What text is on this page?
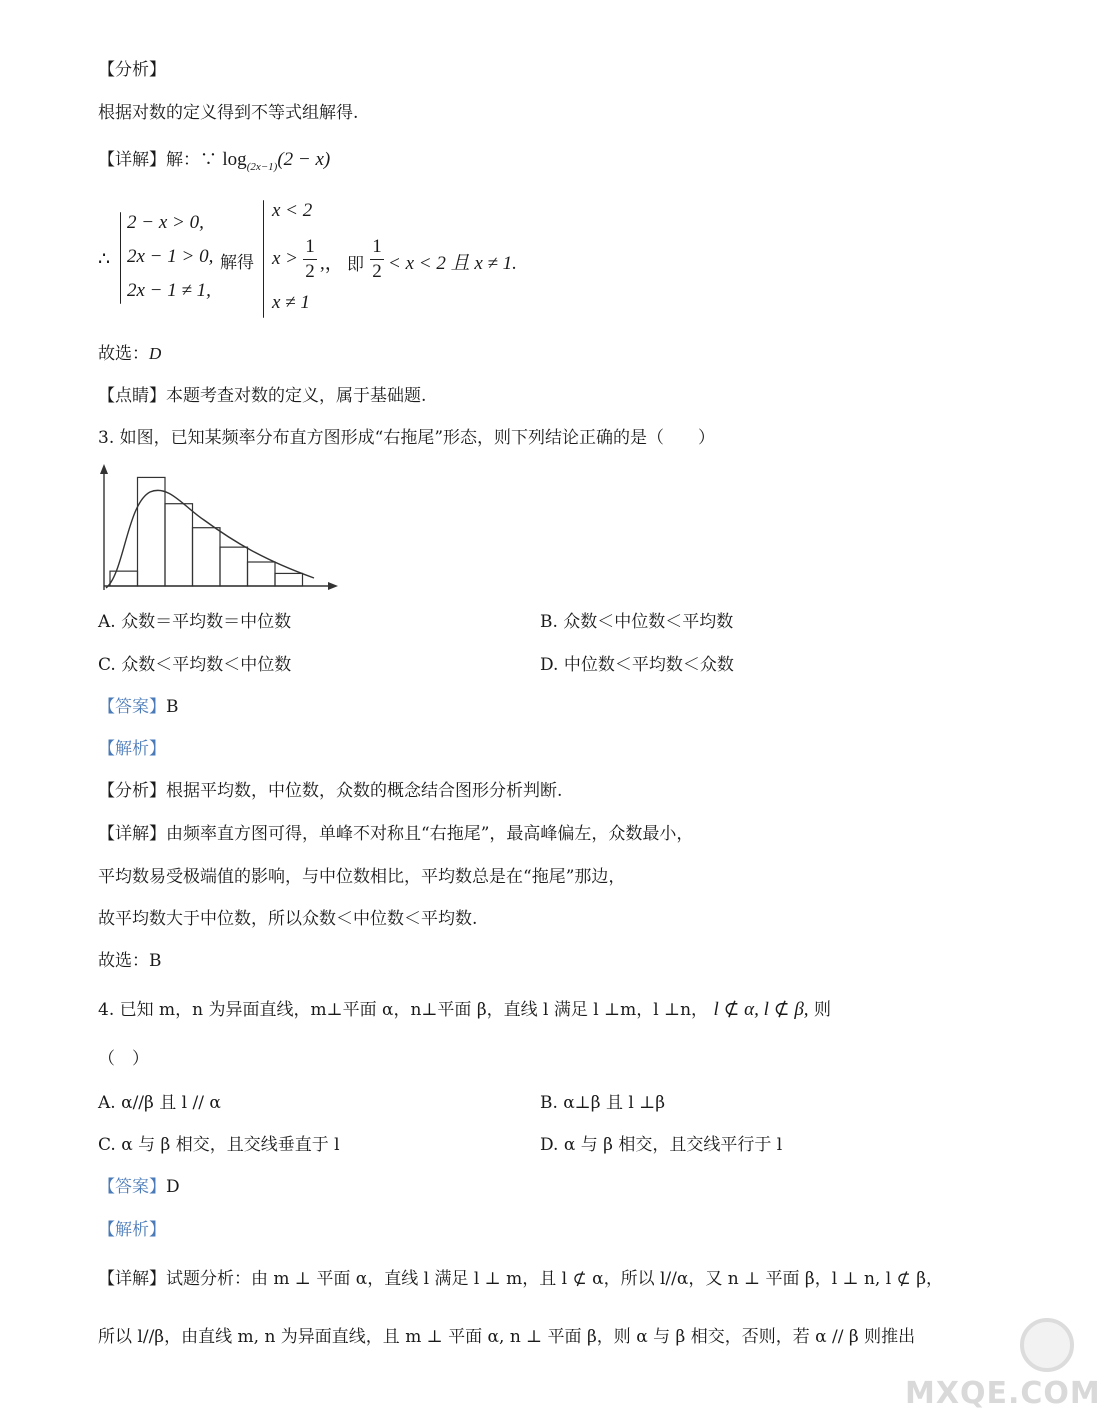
【分析】
根据对数的定义得到不等式组解得.
【详解】解：∵ $\log_{(2x-1)}(2 - x)$
∴
2 − x > 0,
2x − 1 > 0,
2x − 1 ≠ 1,
解得
x < 2
x >
1
2 ,，
x ≠ 1
即
1
2 < x < 2 且 x ≠ 1.
故选：D
【点睛】本题考查对数的定义，属于基础题.
3. 如图，已知某频率分布直方图形成“右拖尾”形态，则下列结论正确的是（　　）
A. 众数＝平均数＝中位数	B. 众数＜中位数＜平均数
C. 众数＜平均数＜中位数	D. 中位数＜平均数＜众数
【答案】B
【解析】
【分析】根据平均数，中位数，众数的概念结合图形分析判断.
【详解】由频率直方图可得，单峰不对称且“右拖尾”，最高峰偏左，众数最小，
平均数易受极端值的影响，与中位数相比，平均数总是在“拖尾”那边，
故平均数大于中位数，所以众数＜中位数＜平均数.
故选：B
4. 已知 m，n 为异面直线，m⊥平面 α，n⊥平面 β，直线 l 满足 l ⊥m，l ⊥n， l ⊄ α, l ⊄ β, 则
（　）
A. α//β 且 l // α	B. α⊥β 且 l ⊥β
C. α 与 β 相交，且交线垂直于 l	D. α 与 β 相交，且交线平行于 l
【答案】D
【解析】
【详解】试题分析：由 m ⊥ 平面 α，直线 l 满足 l ⊥ m，且 l ⊄ α，所以 l//α，又 n ⊥ 平面 β，l ⊥ n, l ⊄ β，
所以 l//β，由直线 m, n 为异面直线，且 m ⊥ 平面 α, n ⊥ 平面 β，则 α 与 β 相交，否则，若 α // β 则推出
MXQE.COM
